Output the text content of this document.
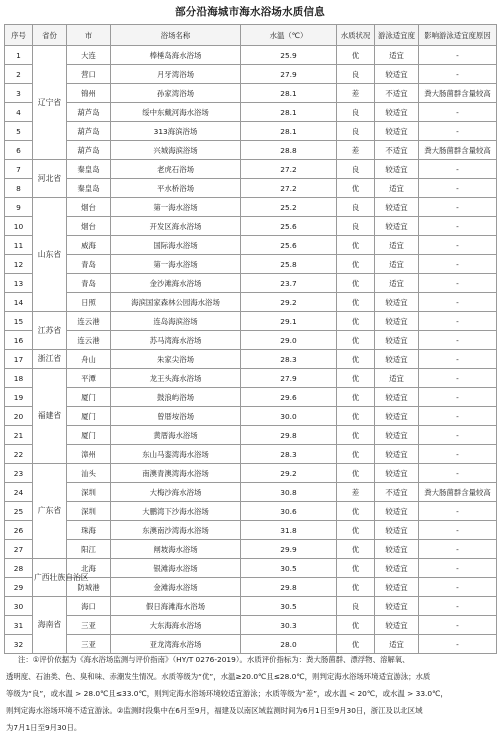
部分沿海城市海水浴场水质信息
序号	省份	市	浴场名称	水温（℃）	水质状况	游泳适宜度	影响游泳适宜度原因
1	辽宁省	大连	棒棰岛海水浴场	25.9	优	适宜	-
2		营口	月牙湾浴场	27.9	良	较适宜	-
3		锦州	孙家湾浴场	28.1	差	不适宜	粪大肠菌群含量较高
4		葫芦岛	绥中东戴河海水浴场	28.1	良	较适宜	-
5		葫芦岛	313海滨浴场	28.1	良	较适宜	-
6		葫芦岛	兴城海滨浴场	28.8	差	不适宜	粪大肠菌群含量较高
7	河北省	秦皇岛	老虎石浴场	27.2	良	较适宜	-
8		秦皇岛	平水桥浴场	27.2	优	适宜	-
9	山东省	烟台	第一海水浴场	25.2	良	较适宜	-
10		烟台	开发区海水浴场	25.6	良	较适宜	-
11		威海	国际海水浴场	25.6	优	适宜	-
12		青岛	第一海水浴场	25.8	优	适宜	-
13		青岛	金沙滩海水浴场	23.7	优	适宜	-
14		日照	海滨国家森林公园海水浴场	29.2	优	较适宜	-
15	江苏省	连云港	连岛海滨浴场	29.1	优	较适宜	-
16		连云港	苏马湾海水浴场	29.0	优	较适宜	-
17	浙江省	舟山	朱家尖浴场	28.3	优	较适宜	-
18	福建省	平潭	龙王头海水浴场	27.9	优	适宜	-
19		厦门	鼓浪屿浴场	29.6	优	较适宜	-
20		厦门	曾厝垵浴场	30.0	优	较适宜	-
21		厦门	黄厝海水浴场	29.8	优	较适宜	-
22		漳州	东山马銮湾海水浴场	28.3	优	较适宜	-
23	广东省	汕头	南澳青澳湾海水浴场	29.2	优	较适宜	-
24		深圳	大梅沙海水浴场	30.8	差	不适宜	粪大肠菌群含量较高
25		深圳	大鹏湾下沙海水浴场	30.6	优	较适宜	-
26		珠海	东澳南沙湾海水浴场	31.8	优	较适宜	-
27		阳江	闸坡海水浴场	29.9	优	较适宜	-
28	广西壮族自治区	北海	银滩海水浴场	30.5	优	较适宜	-
29		防城港	金滩海水浴场	29.8	优	较适宜	-
30	海南省	海口	假日海滩海水浴场	30.5	良	较适宜	-
31		三亚	大东海海水浴场	30.3	优	较适宜	-
32		三亚	亚龙湾海水浴场	28.0	优	适宜	-
注：①评价依据为《海水浴场监测与评价指南》（HY/T 0276-2019）。水质评价指标为：粪大肠菌群、漂浮物、溶解氧、
透明度、石油类、色、臭和味、赤潮发生情况。水质等级为“优”，水温≥20.0℃且≤28.0℃，则判定海水浴场环境适宜游泳；水质
等级为“良”，或水温 > 28.0℃且≤33.0℃，则判定海水浴场环境较适宜游泳；水质等级为“差”，或水温 < 20℃，或水温 > 33.0℃，
则判定海水浴场环境不适宜游泳。②监测时段集中在6月至9月，福建及以南区域监测时间为6月1日至9月30日，浙江及以北区域
为7月1日至9月30日。
